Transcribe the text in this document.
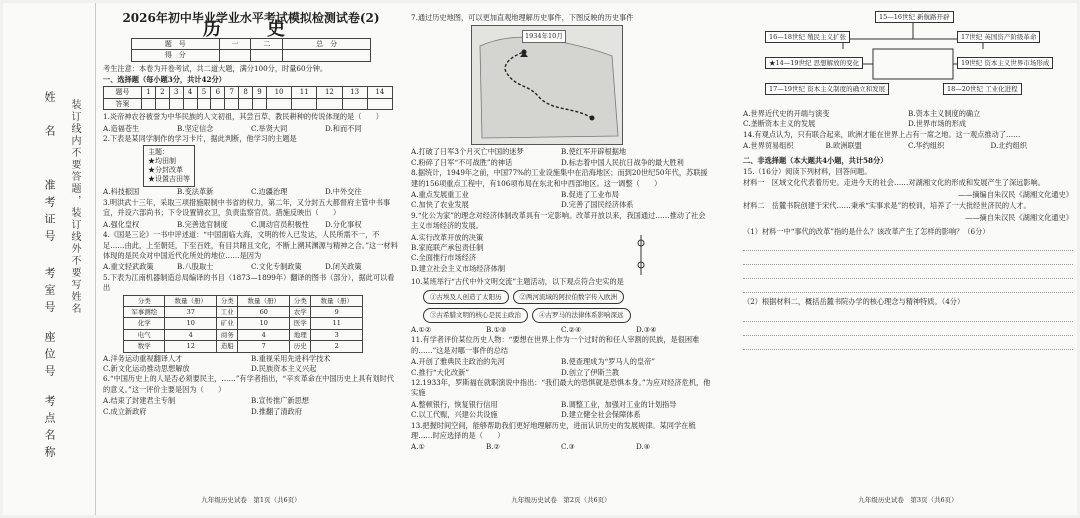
姓　名
准考证号
考室号
座位号
考点名称
装订线内不要答题，装订线外不要写姓名
2026年初中毕业学业水平考试模拟检测试卷(2)
历　史
题　号	一	二	总　分
得　分			
考生注意：本卷为开卷考试，共二道大题，满分100分，时量60分钟。
一、选择题（每小题3分，共计42分）
题号	1	2	3	4	5	6	7	8	9	10	11	12	13	14
答案														
1.炎帝神农谷被誉为中华民族的人文初祖，其尝百草、教民耕种的传说体现的是（　　）
A.造福苍生	B.坚定信念	C.举贤大同	D.和而不同
2.下表是某同学制作的学习卡片，据此判断，他学习的主题是
主题：
★均田制
★分封改革
★设置吉田等
A.科技振国	B.变法革新	C.边疆治理	D.中外交往
3.明洪武十三年，采取三项措施限制中书省的权力，第二年，又分封五大都督府主管中书事宜，并设六部尚书；下令设置锦衣卫，负责监察官员。措施反映出（　　）
A.强化皇权	B.完善选官制度	C.调动官员积极性	D.分化事权
4.《国是三论》一书中评述道：“中国面临大海，文明的传入已发达，人民所需不一，不足……由此，上至朝廷，下至百姓，有目共睹且文化，不断上溯其渊源与精神之合。”这一材料体现的是民众对中国近代化所处的地位……是因为
A.重文轻武政策	B.八股取士	C.文化专制政策	D.闭关政策
5.下表为江南机器制造总局编译的书目（1873—1899年）翻译的图书（部分），据此可以看出
分类	数量（册）	分类	数量（册）	分类	数量（册）
军事测绘	37	工业	60	农学	9
化学	10	矿业	10	医学	11
电气	4	商务	4	地理	3
数学	12	造船	7	历史	2
A.洋务运动重视翻译人才	B.重视采用先进科学技术
C.新文化运动推动思想解放	D.民族资本主义兴起
6.“中国历史上的人是否必须要民主，……”有学者指出，“辛亥革命在中国历史上具有划时代的意义。”这一评价主要是因为（　　）
A.结束了封建君主专制	B.宣传推广新思想
C.成立新政府	D.推翻了清政府
九年级历史试卷　第1页（共6页）
7.通过历史地图，可以更加直观地理解历史事件，下图反映的历史事件
1934年10月
A.打破了日军3个月灭亡中国的迷梦	B.使红军开辟根据地
C.粉碎了日军“不可战胜”的神话	D.标志着中国人民抗日战争的最大胜利
8.据统计，1949年之前，中国77%的工业设施集中在沿海地区；而到20世纪50年代，苏联援建的156项重点工程中，有106项布局在东北和中西部地区。这一调整（　　）
A.重点发展重工业	B.促进了工业布局
C.加快了农业发展	D.完善了国民经济体系
9.“化公为家”的理念对经济体制改革具有一定影响。改革开放以来，我国通过……推动了社会主义市场经济的发展。
A.实行改革开放的决策
B.家庭联产承包责任制
C.全面推行市场经济
D.建立社会主义市场经济体制
10.某班举行“古代中外文明交流”主题活动，以下观点符合史实的是
①古埃及人创造了太阳历	②两河流域的阿拉伯数字传入欧洲
③古希腊文明的核心是民主政治	④古罗马的法律体系影响深远
A.①②	B.①③	C.②④	D.③④
11.有学者评价某位历史人物：“要想在世界上作为一个过时的和任人宰割的民族，是很困难的……”这是对哪一事件的总结
A.开创了雅典民主政治的先河	B.使查理成为“罗马人的皇帝”
C.推行“大化改新”	D.创立了伊斯兰教
12.1933年，罗斯福在就职演说中指出：“我们最大的恐惧就是恐惧本身。”为应对经济危机，他实施
A.整顿银行，恢复银行信用	B.调整工业，加强对工业的计划指导
C.以工代赈，兴建公共设施	D.建立健全社会保障体系
13.把握时间空间，能够帮助我们更好地理解历史，进而认识历史的发展规律。某同学在梳理……时应选择的是（　　）
A.①	B.②	C.③	D.④
九年级历史试卷　第2页（共6页）
15—16世纪 新航路开辟
16—18世纪 殖民主义扩张	17世纪 英国资产阶级革命
★14—19世纪 思想解放的变化	19世纪 资本主义世界市场形成
17—19世纪 资本主义制度的确立和发展	18—20世纪 工业化进程
A.世界近代史的开端与演变	B.资本主义制度的确立
C.垄断资本主义的发展	D.世界市场的形成
14.有观点认为，只有联合起来，欧洲才能在世界上占有一席之地。这一观点推动了……
A.世界贸易组织	B.欧洲联盟	C.华约组织	D.北约组织
二、非选择题（本大题共4小题，共计58分）
15.（16分）阅读下列材料，回答问题。
材料一　区域文化代表着历史。走进今天的社会……对湖湘文化的形成和发展产生了深远影响。
——摘编自朱汉民《湖湘文化通史》
材料二　岳麓书院创建于宋代……秉承“实事求是”的校训，培养了一大批经世济民的人才。
——摘自朱汉民《湖湘文化通史》
（1）材料一中“事代的改革”指的是什么？该改革产生了怎样的影响？（6分）
（2）根据材料二，概括岳麓书院办学的核心理念与精神特质。（4分）
九年级历史试卷　第3页（共6页）
